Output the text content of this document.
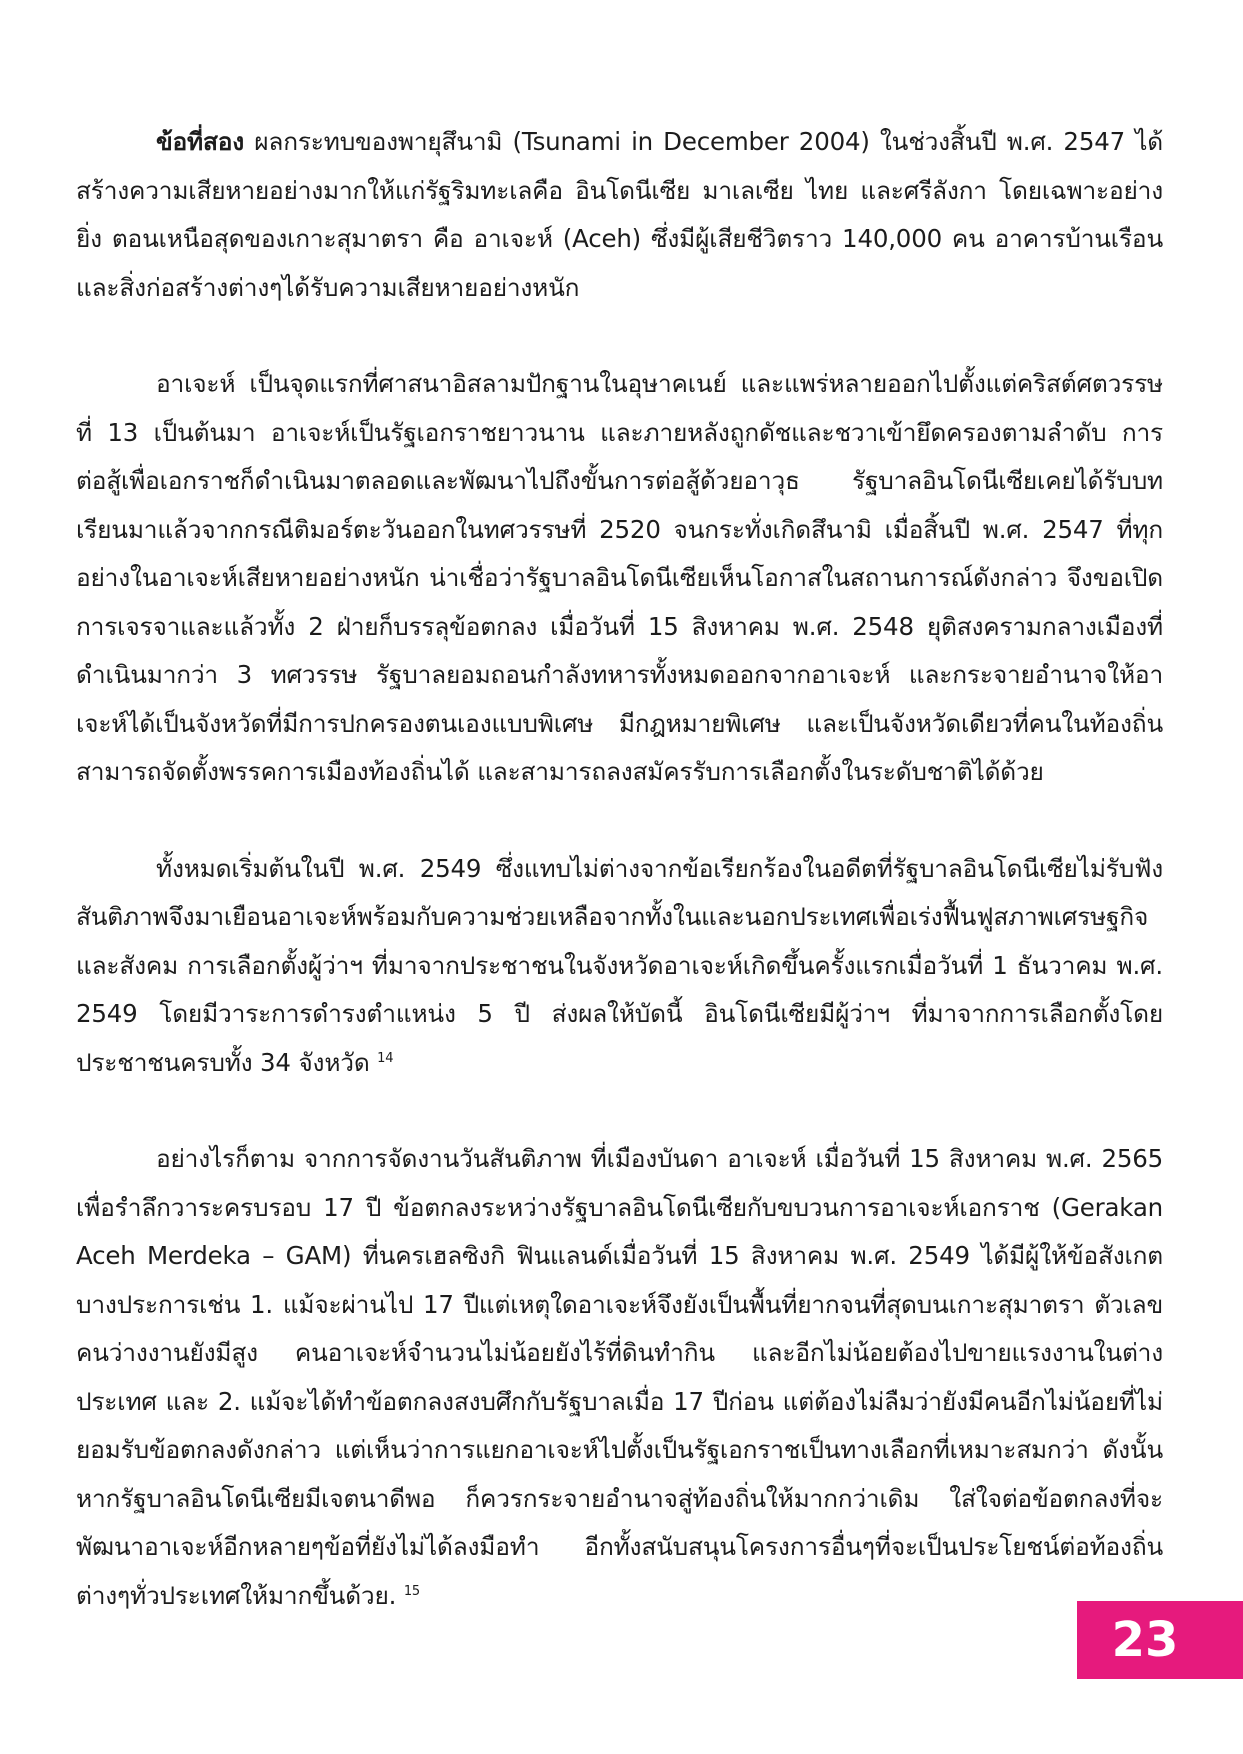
ข้อที่สอง ผลกระทบของพายุสึนามิ (Tsunami in December 2004) ในช่วงสิ้นปี พ.ศ. 2547 ได้สร้างความเสียหายอย่างมากให้แก่รัฐริมทะเลคือ อินโดนีเซีย มาเลเซีย ไทย และศรีลังกา โดยเฉพาะอย่างยิ่ง ตอนเหนือสุดของเกาะสุมาตรา คือ อาเจะห์ (Aceh) ซึ่งมีผู้เสียชีวิตราว 140,000 คน อาคารบ้านเรือนและสิ่งก่อสร้างต่างๆได้รับความเสียหายอย่างหนัก

อาเจะห์ เป็นจุดแรกที่ศาสนาอิสลามปักฐานในอุษาคเนย์ และแพร่หลายออกไปตั้งแต่คริสต์ศตวรรษที่ 13 เป็นต้นมา อาเจะห์เป็นรัฐเอกราชยาวนาน และภายหลังถูกดัชและชวาเข้ายึดครองตามลำดับ การต่อสู้เพื่อเอกราชก็ดำเนินมาตลอดและพัฒนาไปถึงขั้นการต่อสู้ด้วยอาวุธ รัฐบาลอินโดนีเซียเคยได้รับบทเรียนมาแล้วจากกรณีติมอร์ตะวันออกในทศวรรษที่ 2520 จนกระทั่งเกิดสึนามิ เมื่อสิ้นปี พ.ศ. 2547 ที่ทุกอย่างในอาเจะห์เสียหายอย่างหนัก น่าเชื่อว่ารัฐบาลอินโดนีเซียเห็นโอกาสในสถานการณ์ดังกล่าว จึงขอเปิดการเจรจาและแล้วทั้ง 2 ฝ่ายก็บรรลุข้อตกลง เมื่อวันที่ 15 สิงหาคม พ.ศ. 2548 ยุติสงครามกลางเมืองที่ดำเนินมากว่า 3 ทศวรรษ รัฐบาลยอมถอนกำลังทหารทั้งหมดออกจากอาเจะห์ และกระจายอำนาจให้อาเจะห์ได้เป็นจังหวัดที่มีการปกครองตนเองแบบพิเศษ มีกฎหมายพิเศษ และเป็นจังหวัดเดียวที่คนในท้องถิ่นสามารถจัดตั้งพรรคการเมืองท้องถิ่นได้ และสามารถลงสมัครรับการเลือกตั้งในระดับชาติได้ด้วย

ทั้งหมดเริ่มต้นในปี พ.ศ. 2549 ซึ่งแทบไม่ต่างจากข้อเรียกร้องในอดีตที่รัฐบาลอินโดนีเซียไม่รับฟังสันติภาพจึงมาเยือนอาเจะห์พร้อมกับความช่วยเหลือจากทั้งในและนอกประเทศเพื่อเร่งฟื้นฟูสภาพเศรษฐกิจและสังคม การเลือกตั้งผู้ว่าฯ ที่มาจากประชาชนในจังหวัดอาเจะห์เกิดขึ้นครั้งแรกเมื่อวันที่ 1 ธันวาคม พ.ศ. 2549 โดยมีวาระการดำรงตำแหน่ง 5 ปี ส่งผลให้บัดนี้ อินโดนีเซียมีผู้ว่าฯ ที่มาจากการเลือกตั้งโดยประชาชนครบทั้ง 34 จังหวัด $^{14}$

อย่างไรก็ตาม จากการจัดงานวันสันติภาพ ที่เมืองบันดา อาเจะห์ เมื่อวันที่ 15 สิงหาคม พ.ศ. 2565 เพื่อรำลึกวาระครบรอบ 17 ปี ข้อตกลงระหว่างรัฐบาลอินโดนีเซียกับขบวนการอาเจะห์เอกราช (Gerakan Aceh Merdeka – GAM) ที่นครเฮลซิงกิ ฟินแลนด์เมื่อวันที่ 15 สิงหาคม พ.ศ. 2549 ได้มีผู้ให้ข้อสังเกตบางประการเช่น 1. แม้จะผ่านไป 17 ปีแต่เหตุใดอาเจะห์จึงยังเป็นพื้นที่ยากจนที่สุดบนเกาะสุมาตรา ตัวเลขคนว่างงานยังมีสูง คนอาเจะห์จำนวนไม่น้อยยังไร้ที่ดินทำกิน และอีกไม่น้อยต้องไปขายแรงงานในต่างประเทศ และ 2. แม้จะได้ทำข้อตกลงสงบศึกกับรัฐบาลเมื่อ 17 ปีก่อน แต่ต้องไม่ลืมว่ายังมีคนอีกไม่น้อยที่ไม่ยอมรับข้อตกลงดังกล่าว แต่เห็นว่าการแยกอาเจะห์ไปตั้งเป็นรัฐเอกราชเป็นทางเลือกที่เหมาะสมกว่า ดังนั้น หากรัฐบาลอินโดนีเซียมีเจตนาดีพอ ก็ควรกระจายอำนาจสู่ท้องถิ่นให้มากกว่าเดิม ใส่ใจต่อข้อตกลงที่จะพัฒนาอาเจะห์อีกหลายๆข้อที่ยังไม่ได้ลงมือทำ อีกทั้งสนับสนุนโครงการอื่นๆที่จะเป็นประโยชน์ต่อท้องถิ่นต่างๆทั่วประเทศให้มากขึ้นด้วย. $^{15}$

23
